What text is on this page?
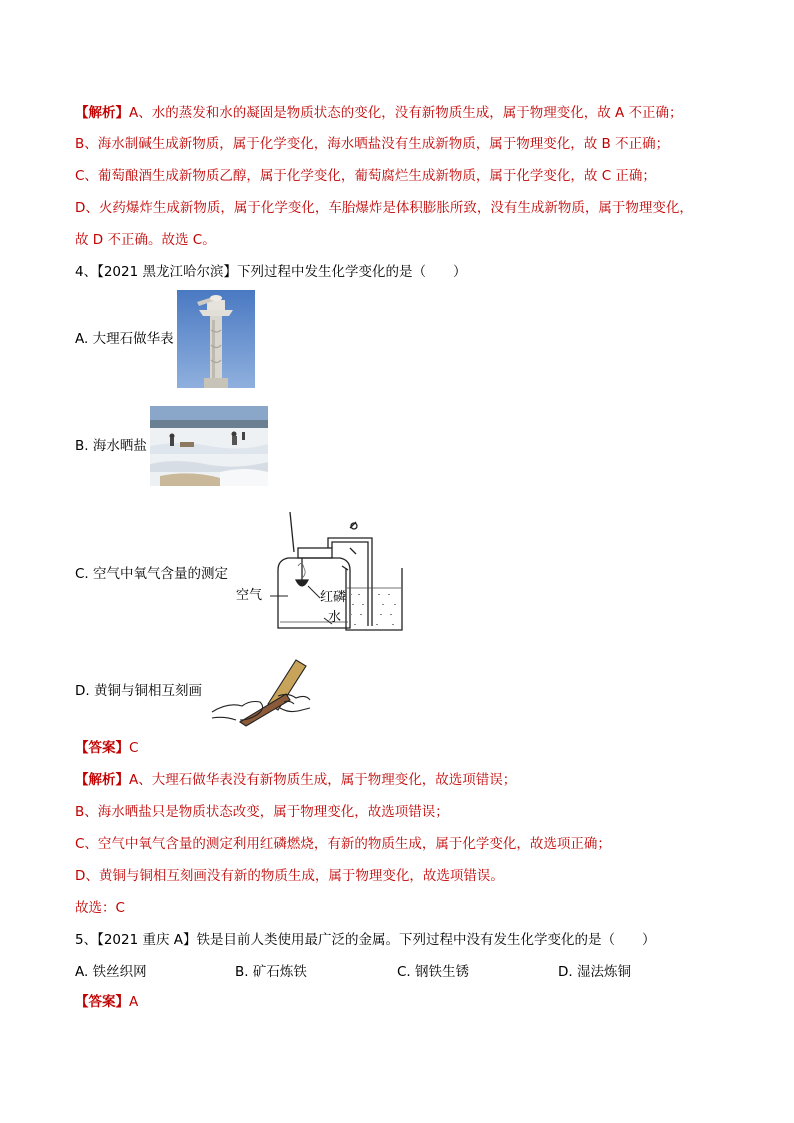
【解析】A、水的蒸发和水的凝固是物质状态的变化，没有新物质生成，属于物理变化，故 A 不正确；
B、海水制碱生成新物质，属于化学变化，海水晒盐没有生成新物质，属于物理变化，故 B 不正确；
C、葡萄酿酒生成新物质乙醇，属于化学变化，葡萄腐烂生成新物质，属于化学变化，故 C 正确；
D、火药爆炸生成新物质，属于化学变化，车胎爆炸是体积膨胀所致，没有生成新物质，属于物理变化，
故 D 不正确。故选 C。
4、【2021 黑龙江哈尔滨】下列过程中发生化学变化的是（　　）
A. 大理石做华表
B. 海水晒盐
C. 空气中氧气含量的测定
空气	红磷
水
D. 黄铜与铜相互刻画
【答案】C
【解析】A、大理石做华表没有新物质生成，属于物理变化，故选项错误；
B、海水晒盐只是物质状态改变，属于物理变化，故选项错误；
C、空气中氧气含量的测定利用红磷燃烧，有新的物质生成，属于化学变化，故选项正确；
D、黄铜与铜相互刻画没有新的物质生成，属于物理变化，故选项错误。
故选：C
5、【2021 重庆 A】铁是目前人类使用最广泛的金属。下列过程中没有发生化学变化的是（　　）
A. 铁丝织网	B. 矿石炼铁	C. 钢铁生锈	D. 湿法炼铜
【答案】A
